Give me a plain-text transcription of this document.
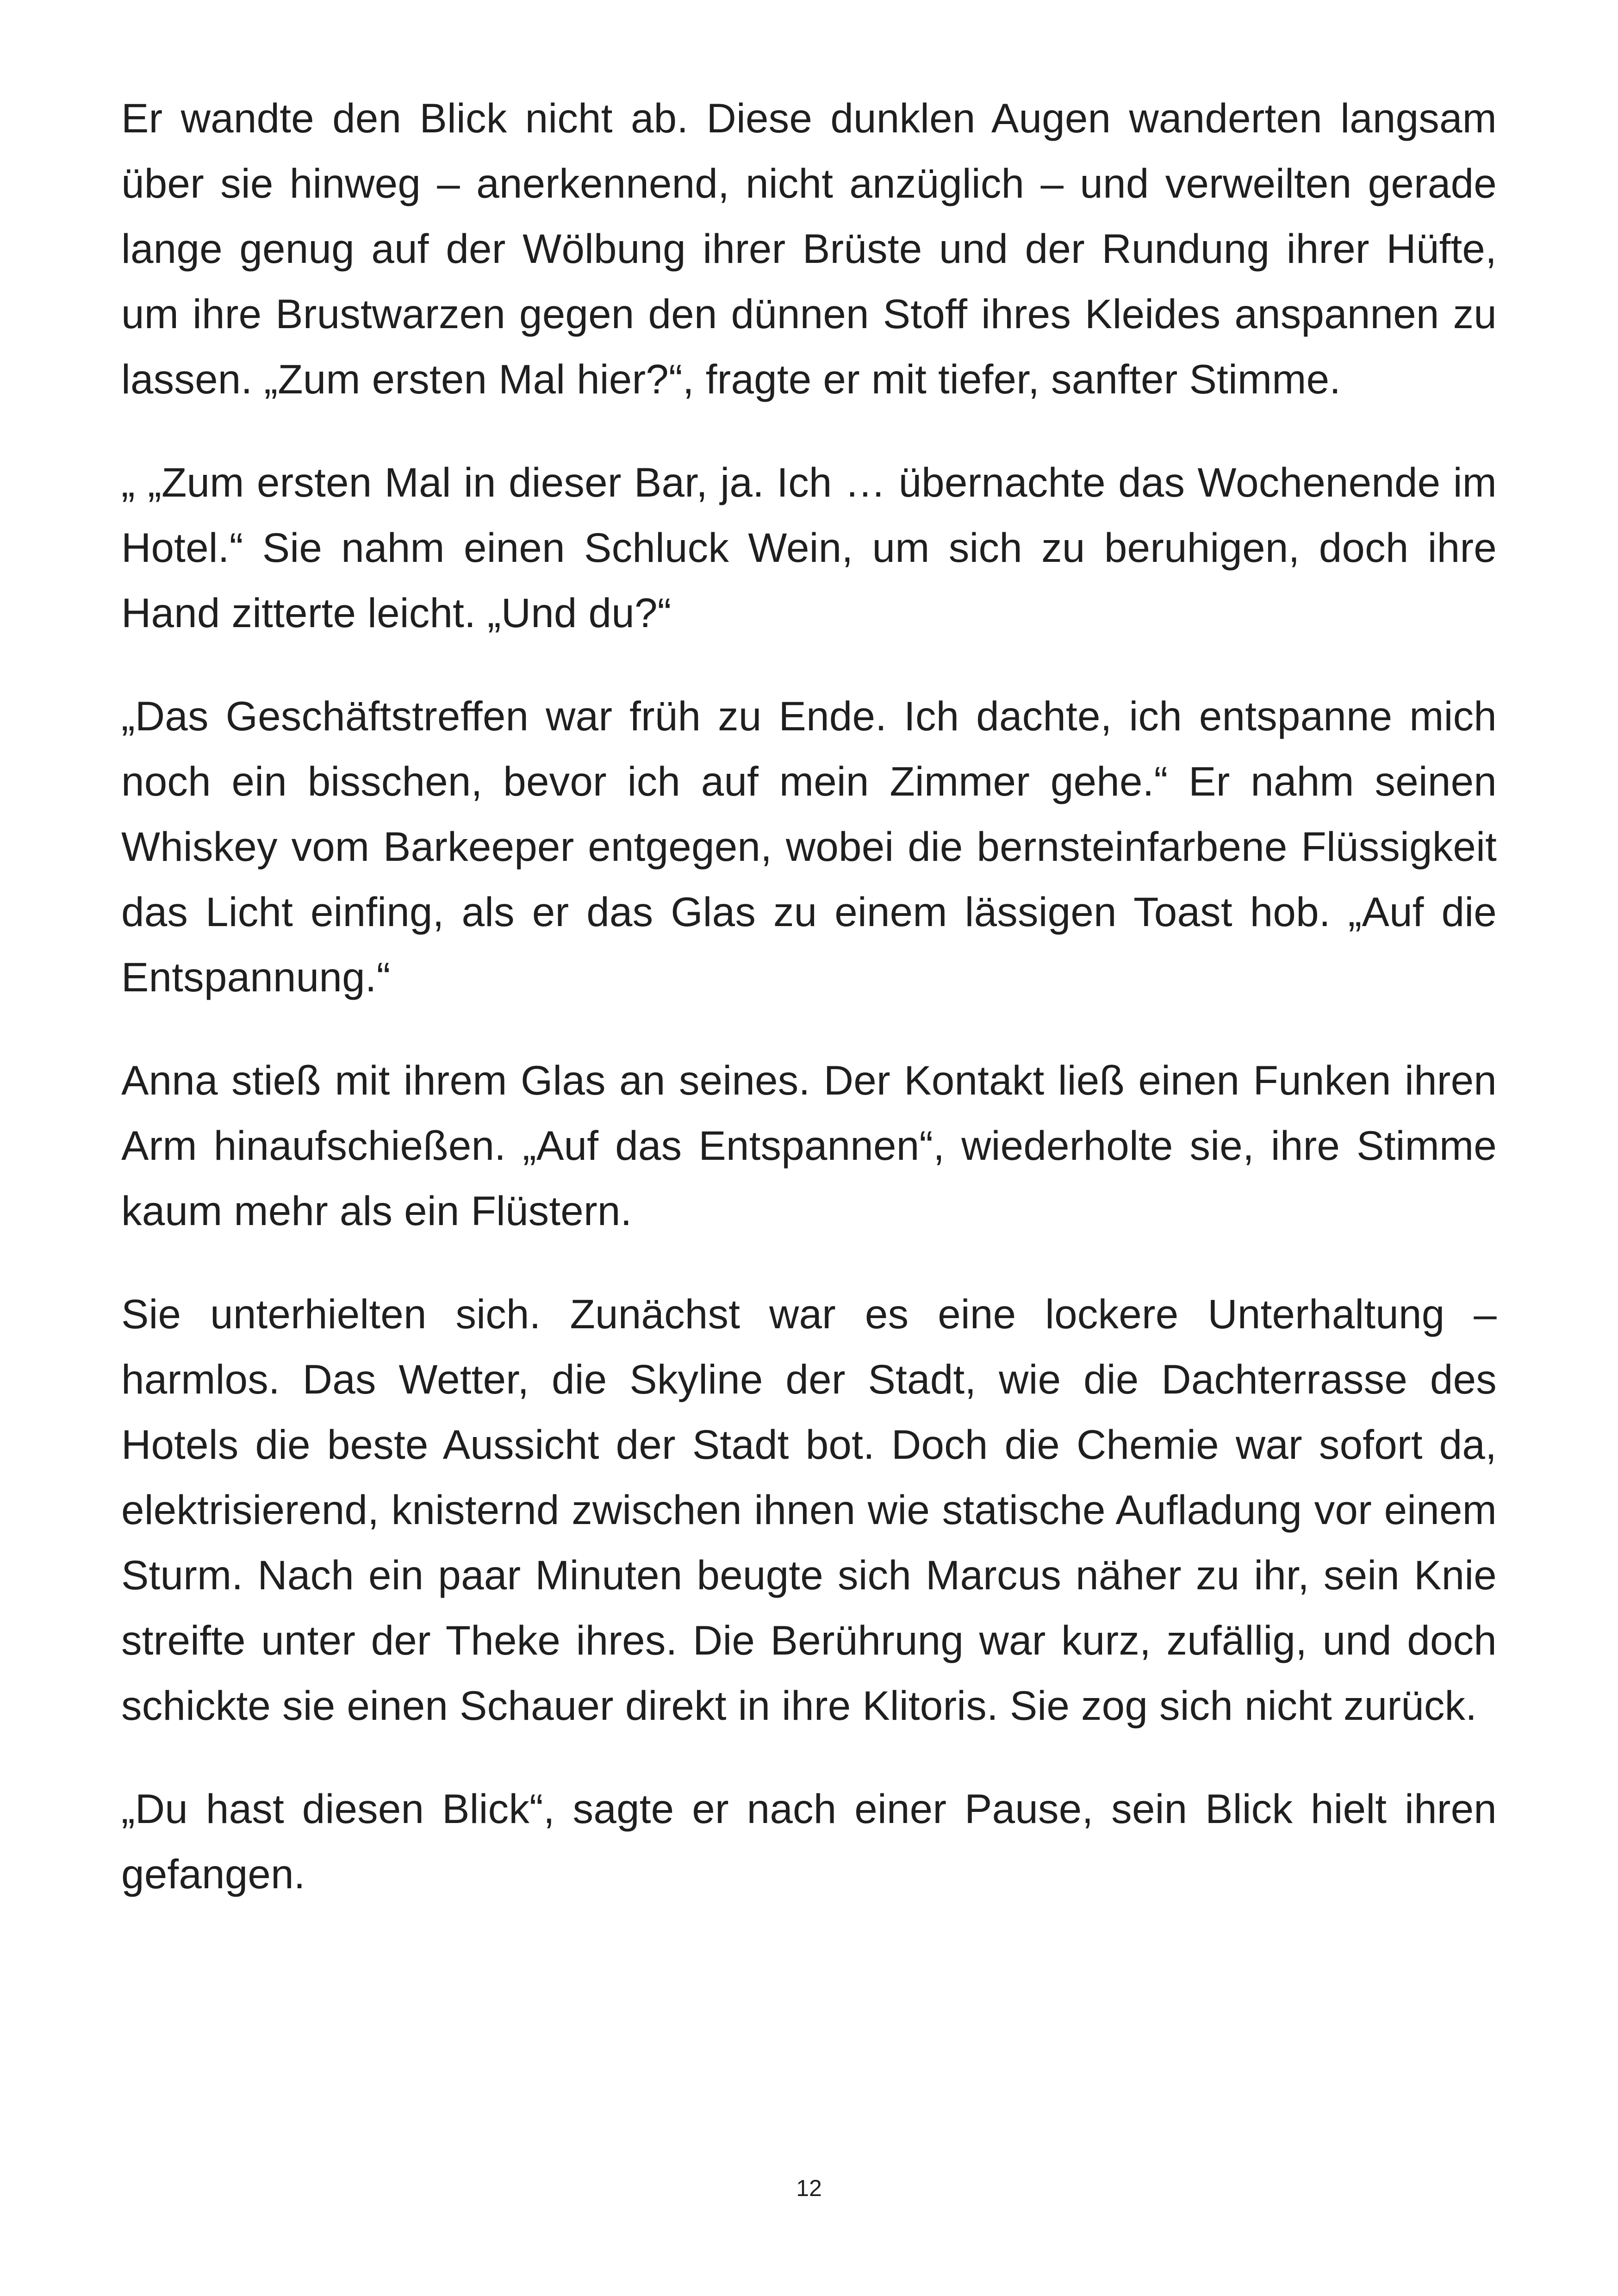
Er wandte den Blick nicht ab. Diese dunklen Augen wanderten langsam über sie hinweg – anerkennend, nicht anzüglich – und verweilten gerade lange genug auf der Wölbung ihrer Brüste und der Rundung ihrer Hüfte, um ihre Brustwarzen gegen den dünnen Stoff ihres Kleides anspannen zu lassen. „Zum ersten Mal hier?“, fragte er mit tiefer, sanfter Stimme.

„ „Zum ersten Mal in dieser Bar, ja. Ich … übernachte das Wochenende im Hotel.“ Sie nahm einen Schluck Wein, um sich zu beruhigen, doch ihre Hand zitterte leicht. „Und du?“

„Das Geschäftstreffen war früh zu Ende. Ich dachte, ich entspanne mich noch ein bisschen, bevor ich auf mein Zimmer gehe.“ Er nahm seinen Whiskey vom Barkeeper entgegen, wobei die bernsteinfarbene Flüssigkeit das Licht einfing, als er das Glas zu einem lässigen Toast hob. „Auf die Entspannung.“

Anna stieß mit ihrem Glas an seines. Der Kontakt ließ einen Funken ihren Arm hinaufschießen. „Auf das Entspannen“, wiederholte sie, ihre Stimme kaum mehr als ein Flüstern.

Sie unterhielten sich. Zunächst war es eine lockere Unterhaltung – harmlos. Das Wetter, die Skyline der Stadt, wie die Dachterrasse des Hotels die beste Aussicht der Stadt bot. Doch die Chemie war sofort da, elektrisierend, knisternd zwischen ihnen wie statische Aufladung vor einem Sturm. Nach ein paar Minuten beugte sich Marcus näher zu ihr, sein Knie streifte unter der Theke ihres. Die Berührung war kurz, zufällig, und doch schickte sie einen Schauer direkt in ihre Klitoris. Sie zog sich nicht zurück.

„Du hast diesen Blick“, sagte er nach einer Pause, sein Blick hielt ihren gefangen.

12
